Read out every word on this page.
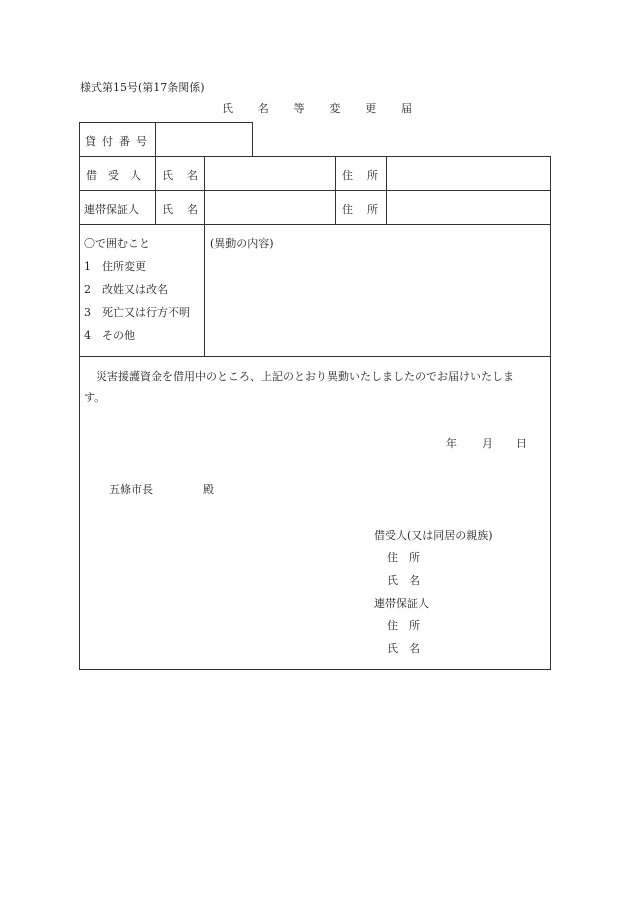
様式第15号(第17条関係)
氏 名 等 変 更 届
貸付番号
借受人 氏名	住所
連帯保証人 氏名	住所
〇で囲むこと
1　 住所変更
2　 改姓又は改名
3　 死亡又は行方不明
4　 その他
(異動の内容)
災害援護資金を借用中のところ、上記のとおり異動いたしましたのでお届けいたしま
す。
年 月 日
五條市長	殿
借受人(又は同居の親族)
住　所
氏　名
連帯保証人
住　所
氏　名
